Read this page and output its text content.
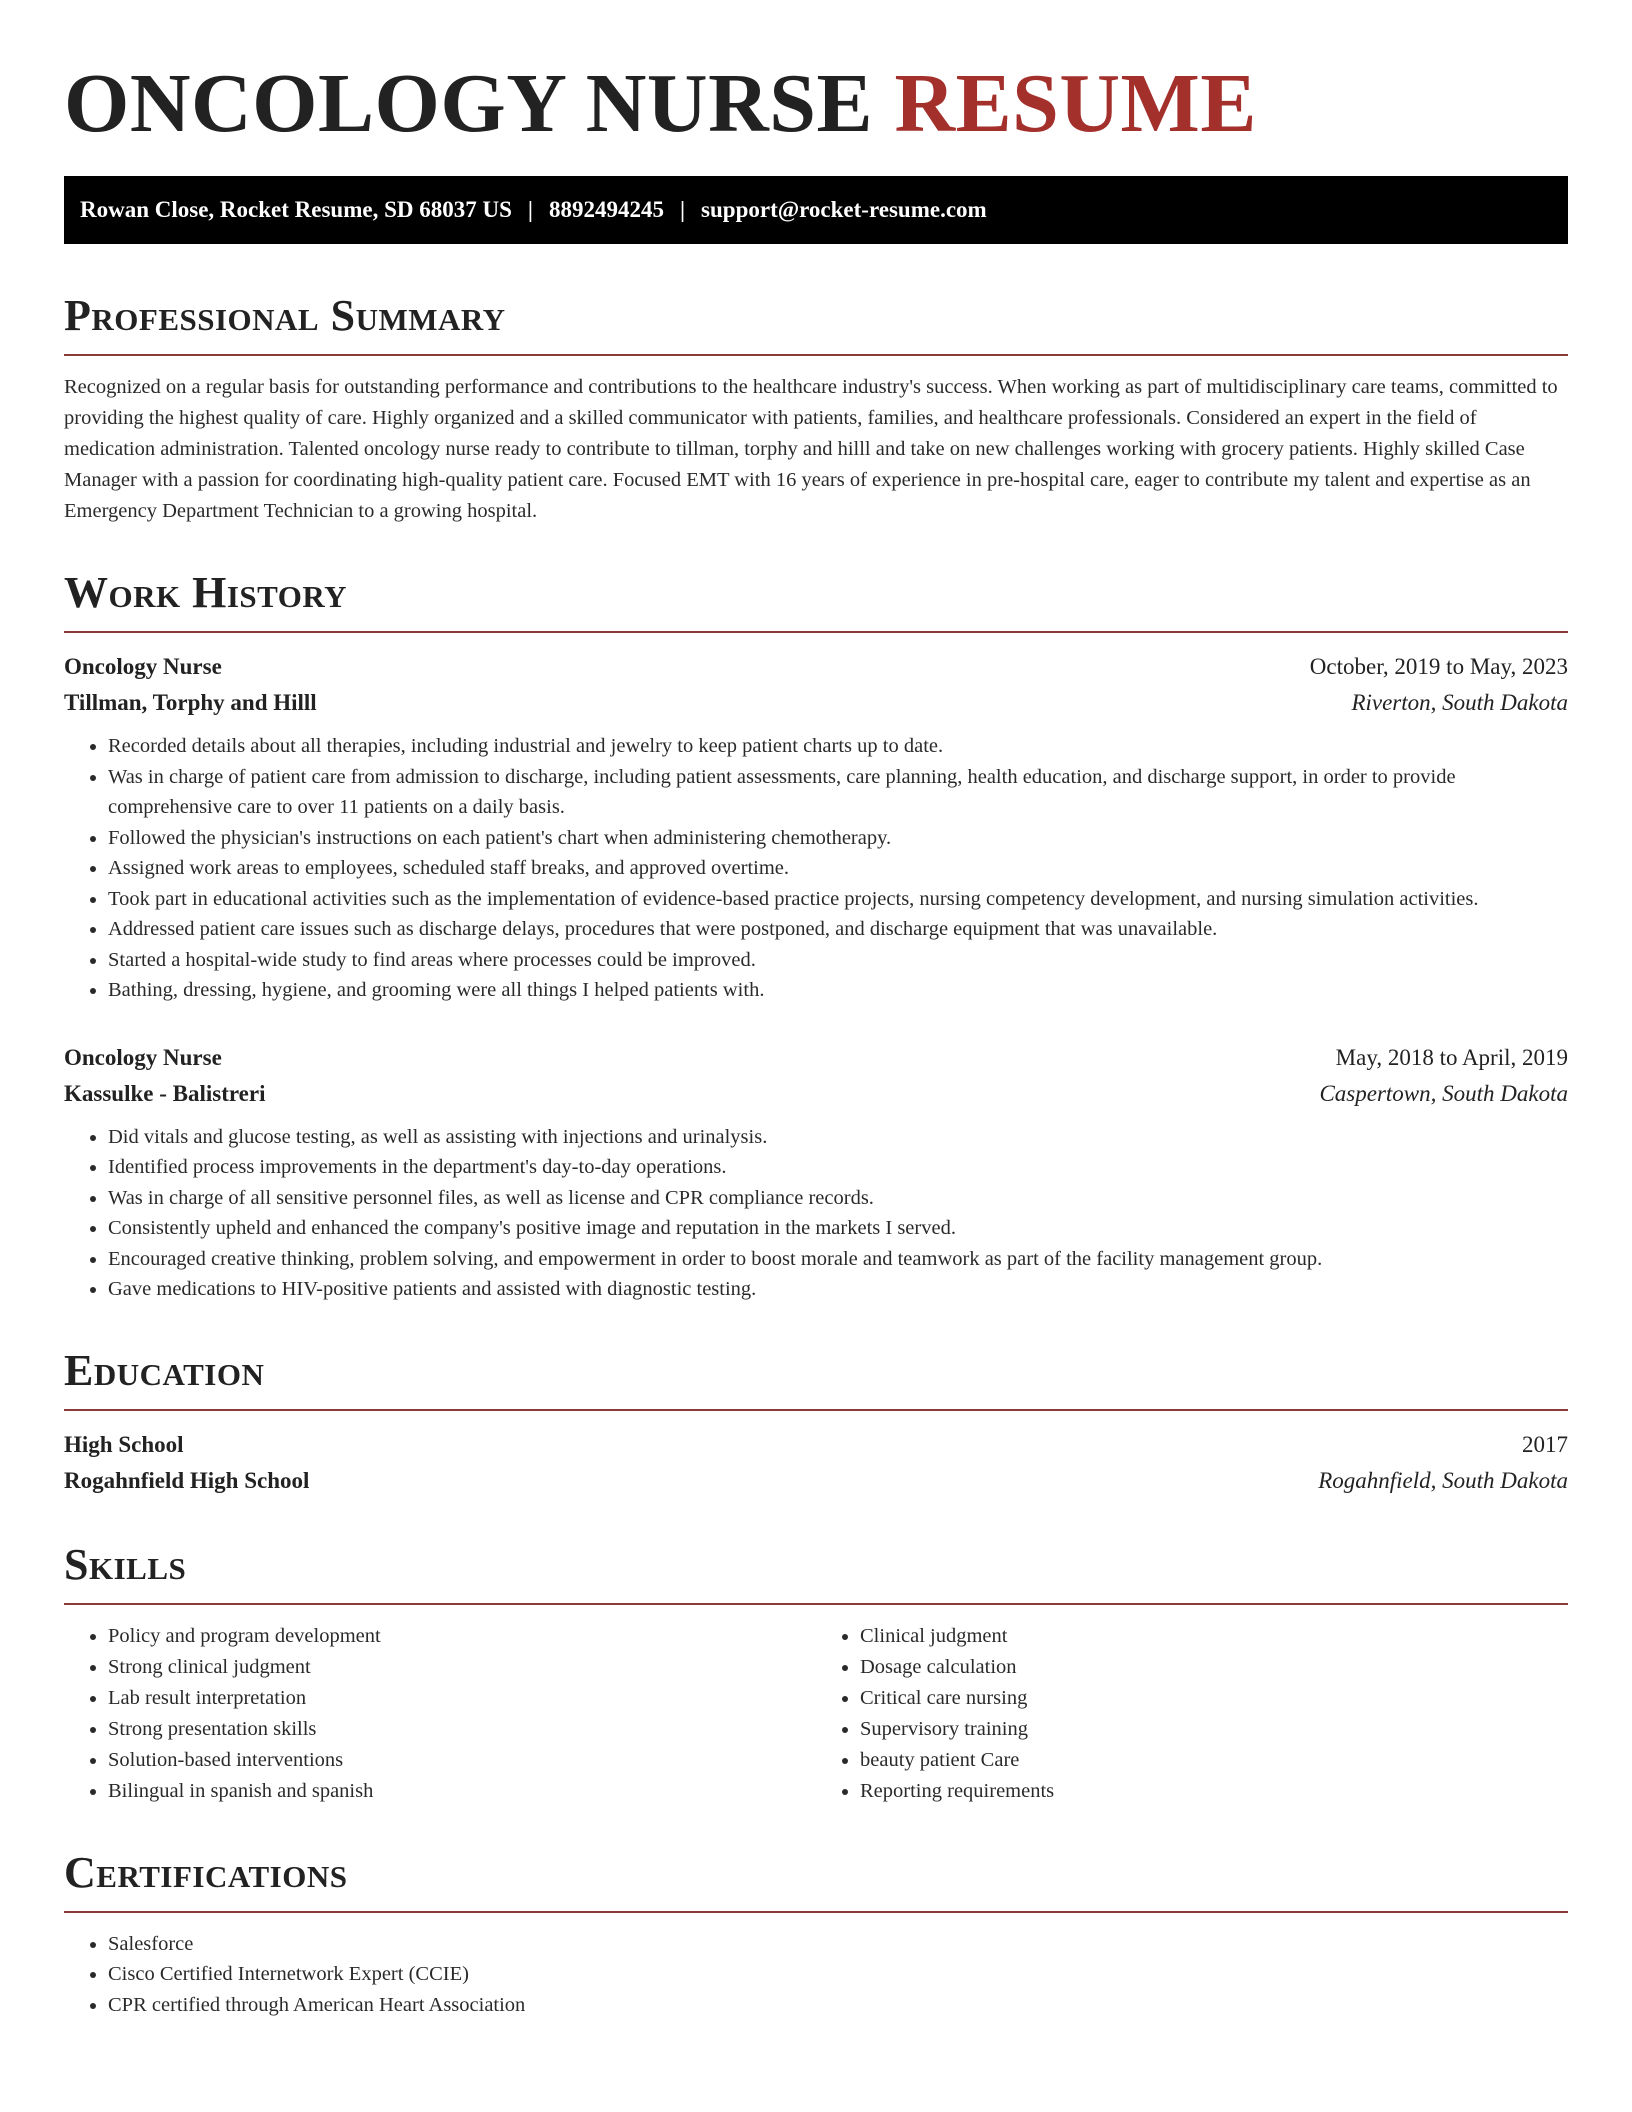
ONCOLOGY NURSE RESUME
Rowan Close, Rocket Resume, SD 68037 US | 8892494245 | support@rocket-resume.com
Professional Summary

Recognized on a regular basis for outstanding performance and contributions to the healthcare industry's success. When working as part of multidisciplinary care teams, committed to providing the highest quality of care. Highly organized and a skilled communicator with patients, families, and healthcare professionals. Considered an expert in the field of medication administration. Talented oncology nurse ready to contribute to tillman, torphy and hilll and take on new challenges working with grocery patients. Highly skilled Case Manager with a passion for coordinating high-quality patient care. Focused EMT with 16 years of experience in pre-hospital care, eager to contribute my talent and expertise as an Emergency Department Technician to a growing hospital.

Work History
Oncology Nurse	October, 2019 to May, 2023
Tillman, Torphy and Hilll	Riverton, South Dakota
• Recorded details about all therapies, including industrial and jewelry to keep patient charts up to date.
• Was in charge of patient care from admission to discharge, including patient assessments, care planning, health education, and discharge support, in order to provide comprehensive care to over 11 patients on a daily basis.
• Followed the physician's instructions on each patient's chart when administering chemotherapy.
• Assigned work areas to employees, scheduled staff breaks, and approved overtime.
• Took part in educational activities such as the implementation of evidence-based practice projects, nursing competency development, and nursing simulation activities.
• Addressed patient care issues such as discharge delays, procedures that were postponed, and discharge equipment that was unavailable.
• Started a hospital-wide study to find areas where processes could be improved.
• Bathing, dressing, hygiene, and grooming were all things I helped patients with.
Oncology Nurse	May, 2018 to April, 2019
Kassulke - Balistreri	Caspertown, South Dakota
• Did vitals and glucose testing, as well as assisting with injections and urinalysis.
• Identified process improvements in the department's day-to-day operations.
• Was in charge of all sensitive personnel files, as well as license and CPR compliance records.
• Consistently upheld and enhanced the company's positive image and reputation in the markets I served.
• Encouraged creative thinking, problem solving, and empowerment in order to boost morale and teamwork as part of the facility management group.
• Gave medications to HIV-positive patients and assisted with diagnostic testing.
Education
High School	2017
Rogahnfield High School	Rogahnfield, South Dakota
Skills
• Policy and program development
• Strong clinical judgment
• Lab result interpretation
• Strong presentation skills
• Solution-based interventions
• Bilingual in spanish and spanish
• Clinical judgment
• Dosage calculation
• Critical care nursing
• Supervisory training
• beauty patient Care
• Reporting requirements
Certifications
• Salesforce
• Cisco Certified Internetwork Expert (CCIE)
• CPR certified through American Heart Association
